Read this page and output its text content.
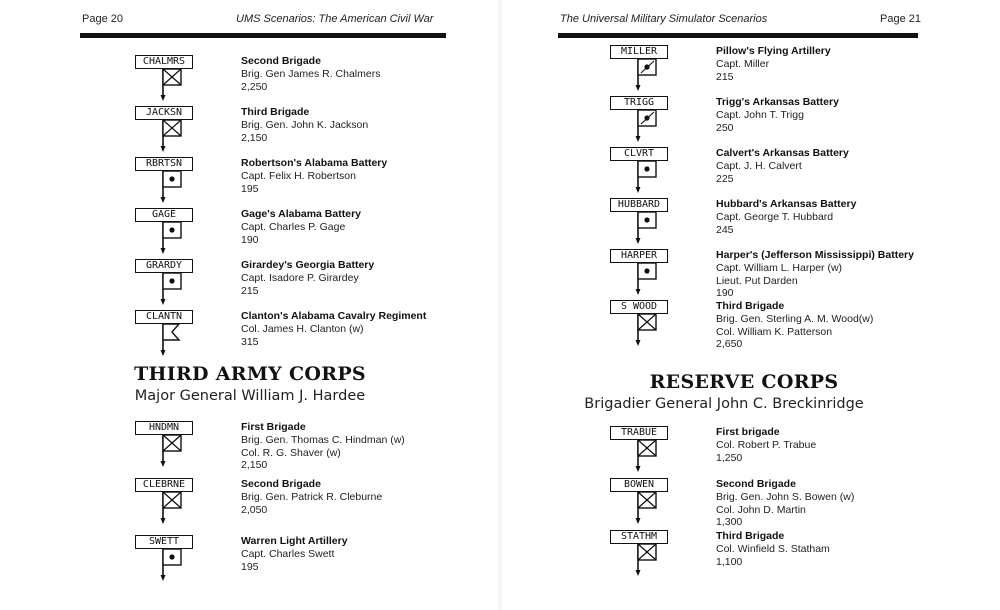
Page 20	UMS Scenarios: The American Civil War
CHALMRS	Second Brigade
Brig. Gen James R. Chalmers
2,250
JACKSN	Third Brigade
Brig. Gen. John K. Jackson
2,150
RBRTSN	Robertson's Alabama Battery
Capt. Felix H. Robertson
195
GAGE	Gage's Alabama Battery
Capt. Charles P. Gage
190
GRARDY	Girardey's Georgia Battery
Capt. Isadore P. Girardey
215
CLANTN	Clanton's Alabama Cavalry Regiment
Col. James H. Clanton (w)
315
THIRD ARMY CORPS
Major General William J. Hardee
HNDMN	First Brigade
Brig. Gen. Thomas C. Hindman (w)
Col. R. G. Shaver (w)
2,150
CLEBRNE	Second Brigade
Brig. Gen. Patrick R. Cleburne
2,050
SWETT	Warren Light Artillery
Capt. Charles Swett
195
The Universal Military Simulator Scenarios	Page 21
MILLER	Pillow's Flying Artillery
Capt. Miller
215
TRIGG	Trigg's Arkansas Battery
Capt. John T. Trigg
250
CLVRT	Calvert's Arkansas Battery
Capt. J. H. Calvert
225
HUBBARD	Hubbard's Arkansas Battery
Capt. George T. Hubbard
245
HARPER	Harper's (Jefferson Mississippi) Battery
Capt. William L. Harper (w)
Lieut. Put Darden
190
S WOOD	Third Brigade
Brig. Gen. Sterling A. M. Wood(w)
Col. William K. Patterson
2,650
RESERVE CORPS
Brigadier General John C. Breckinridge
TRABUE	First brigade
Col. Robert P. Trabue
1,250
BOWEN	Second Brigade
Brig. Gen. John S. Bowen (w)
Col. John D. Martin
1,300
STATHM	Third Brigade
Col. Winfield S. Statham
1,100
